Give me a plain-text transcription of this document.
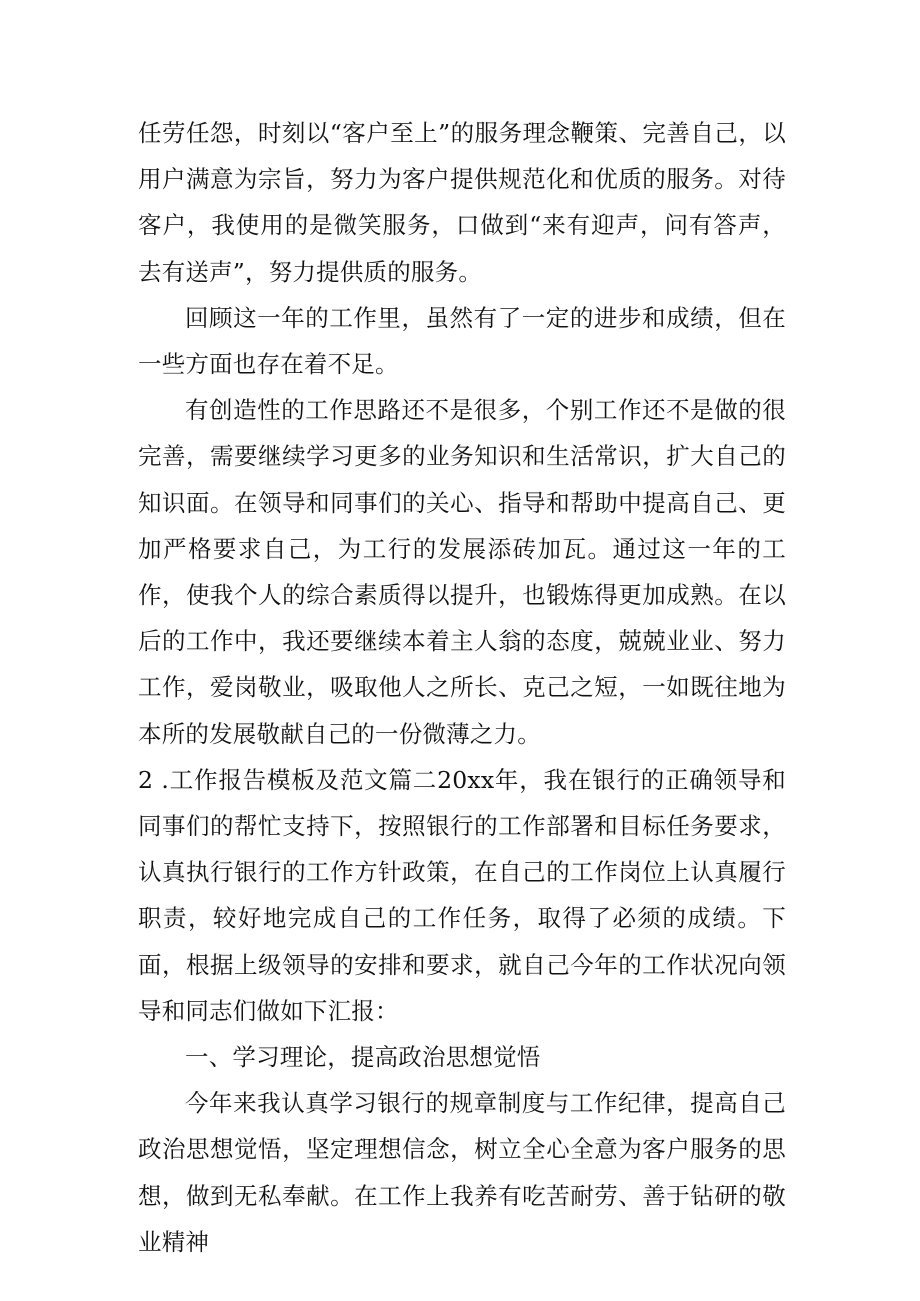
任劳任怨，时刻以“客户至上”的服务理念鞭策、完善自己，以用户满意为宗旨，努力为客户提供规范化和优质的服务。对待客户，我使用的是微笑服务，口做到“来有迎声，问有答声，去有送声”，努力提供质的服务。

回顾这一年的工作里，虽然有了一定的进步和成绩，但在一些方面也存在着不足。

有创造性的工作思路还不是很多，个别工作还不是做的很完善，需要继续学习更多的业务知识和生活常识，扩大自己的知识面。在领导和同事们的关心、指导和帮助中提高自己、更加严格要求自己，为工行的发展添砖加瓦。通过这一年的工作，使我个人的综合素质得以提升，也锻炼得更加成熟。在以后的工作中，我还要继续本着主人翁的态度，兢兢业业、努力工作，爱岗敬业，吸取他人之所长、克己之短，一如既往地为本所的发展敬献自己的一份微薄之力。

2 .工作报告模板及范文篇二20xx年，我在银行的正确领导和同事们的帮忙支持下，按照银行的工作部署和目标任务要求，认真执行银行的工作方针政策，在自己的工作岗位上认真履行职责，较好地完成自己的工作任务，取得了必须的成绩。下面，根据上级领导的安排和要求，就自己今年的工作状况向领导和同志们做如下汇报：

一、学习理论，提高政治思想觉悟

今年来我认真学习银行的规章制度与工作纪律，提高自己政治思想觉悟，坚定理想信念，树立全心全意为客户服务的思想，做到无私奉献。在工作上我养有吃苦耐劳、善于钻研的敬业精神
